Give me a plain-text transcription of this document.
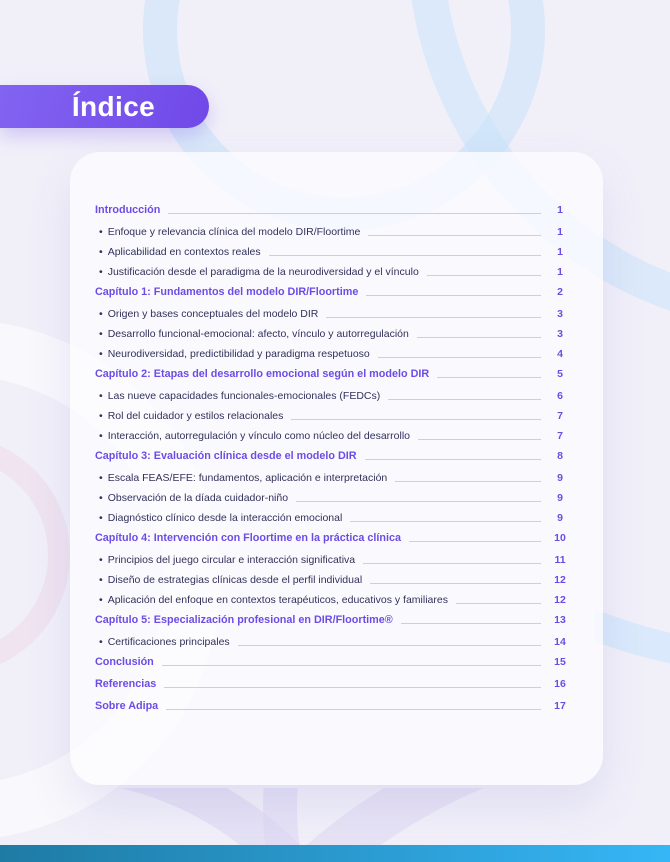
Índice
Introducción	1
• Enfoque y relevancia clínica del modelo DIR/Floortime	1
• Aplicabilidad en contextos reales	1
• Justificación desde el paradigma de la neurodiversidad y el vínculo	1
Capítulo 1: Fundamentos del modelo DIR/Floortime	2
• Origen y bases conceptuales del modelo DIR	3
• Desarrollo funcional-emocional: afecto, vínculo y autorregulación	3
• Neurodiversidad, predictibilidad y paradigma respetuoso	4
Capítulo 2: Etapas del desarrollo emocional según el modelo DIR	5
• Las nueve capacidades funcionales-emocionales (FEDCs)	6
• Rol del cuidador y estilos relacionales	7
• Interacción, autorregulación y vínculo como núcleo del desarrollo	7
Capítulo 3: Evaluación clínica desde el modelo DIR	8
• Escala FEAS/EFE: fundamentos, aplicación e interpretación	9
• Observación de la díada cuidador-niño	9
• Diagnóstico clínico desde la interacción emocional	9
Capítulo 4: Intervención con Floortime en la práctica clínica	10
• Principios del juego circular e interacción significativa	11
• Diseño de estrategias clínicas desde el perfil individual	12
• Aplicación del enfoque en contextos terapéuticos, educativos y familiares	12
Capítulo 5: Especialización profesional en DIR/Floortime®	13
• Certificaciones principales	14
Conclusión	15
Referencias	16
Sobre Adipa	17
